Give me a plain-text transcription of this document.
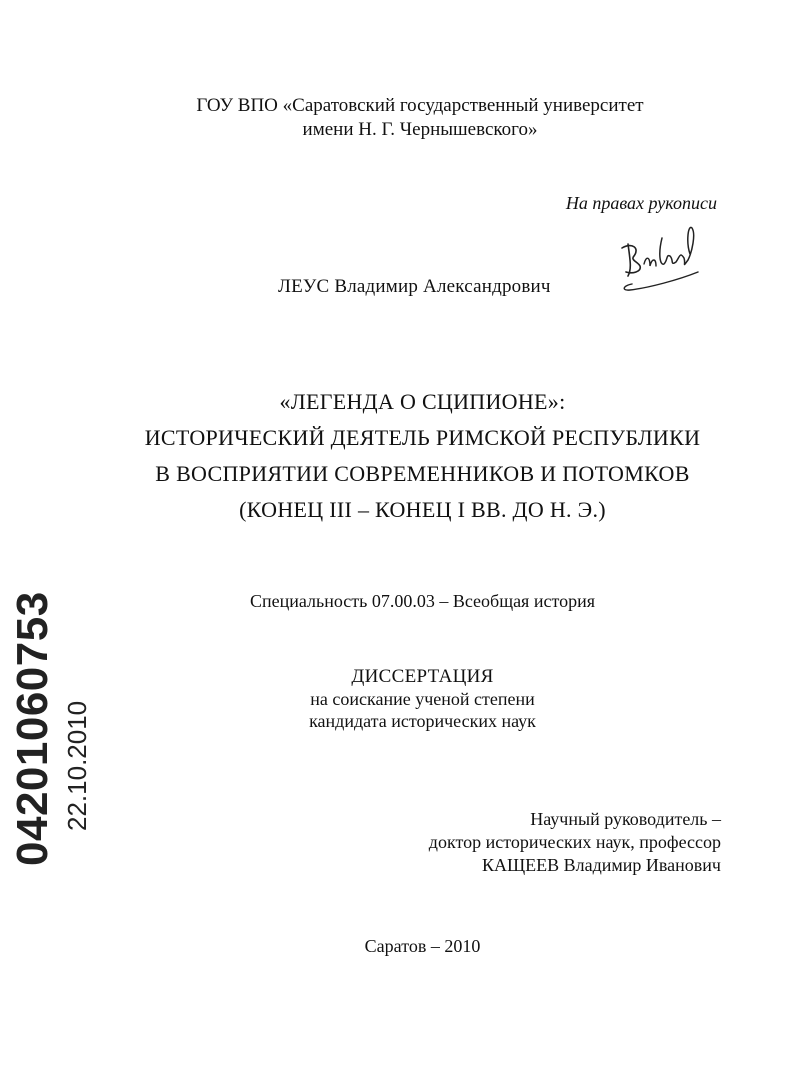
ГОУ ВПО «Саратовский государственный университет
имени Н. Г. Чернышевского»
На правах рукописи
ЛЕУС Владимир Александрович
«ЛЕГЕНДА О СЦИПИОНЕ»:
ИСТОРИЧЕСКИЙ ДЕЯТЕЛЬ РИМСКОЙ РЕСПУБЛИКИ
В ВОСПРИЯТИИ СОВРЕМЕННИКОВ И ПОТОМКОВ
(КОНЕЦ III – КОНЕЦ I ВВ. ДО Н. Э.)
Специальность 07.00.03 – Всеобщая история
ДИССЕРТАЦИЯ
на соискание ученой степени
кандидата исторических наук
Научный руководитель –
доктор исторических наук, профессор
КАЩЕЕВ Владимир Иванович
Саратов – 2010
04201060753 22.10.2010
